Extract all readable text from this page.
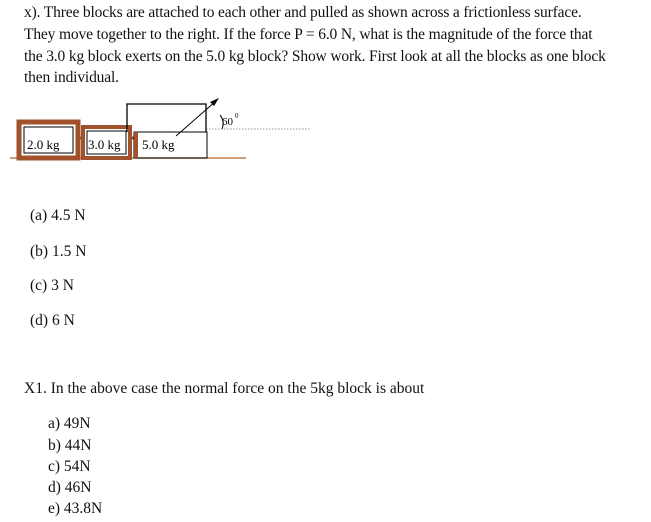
x). Three blocks are attached to each other and pulled as shown across a frictionless surface.
They move together to the right. If the force P = 6.0 N, what is the magnitude of the force that
the 3.0 kg block exerts on the 5.0 kg block? Show work. First look at all the blocks as one block
then individual.
2.0 kg 3.0 kg 5.0 kg
60 0
(a) 4.5 N
(b) 1.5 N
(c) 3 N
(d) 6 N
X1. In the above case the normal force on the 5kg block is about
a) 49N
b) 44N
c) 54N
d) 46N
e) 43.8N
